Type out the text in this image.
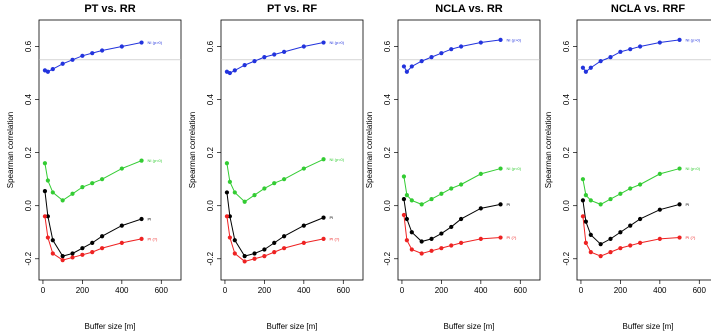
PT vs. RR
0	200	400	600
-0.2
0.0
0.2
0.4
0.6
Buffer size [m]
Spearman correlation
NI (p>0)
NI (p<0)
PI
PI (?)
PT vs. RF
0	200	400	600
-0.2
0.0
0.2
0.4
0.6
Buffer size [m]
Spearman correlation
NI (p>0)
NI (p<0)
PI
PI (?)
NCLA vs. RR
0	200	400	600
-0.2
0.0
0.2
0.4
0.6
Buffer size [m]
Spearman correlation
NI (p>0)
NI (p<0)
PI
PI (?)
NCLA vs. RRF
0	200	400	600
-0.2
0.0
0.2
0.4
0.6
Buffer size [m]
Spearman correlation
NI (p>0)
NI (p<0)
PI
PI (?)
